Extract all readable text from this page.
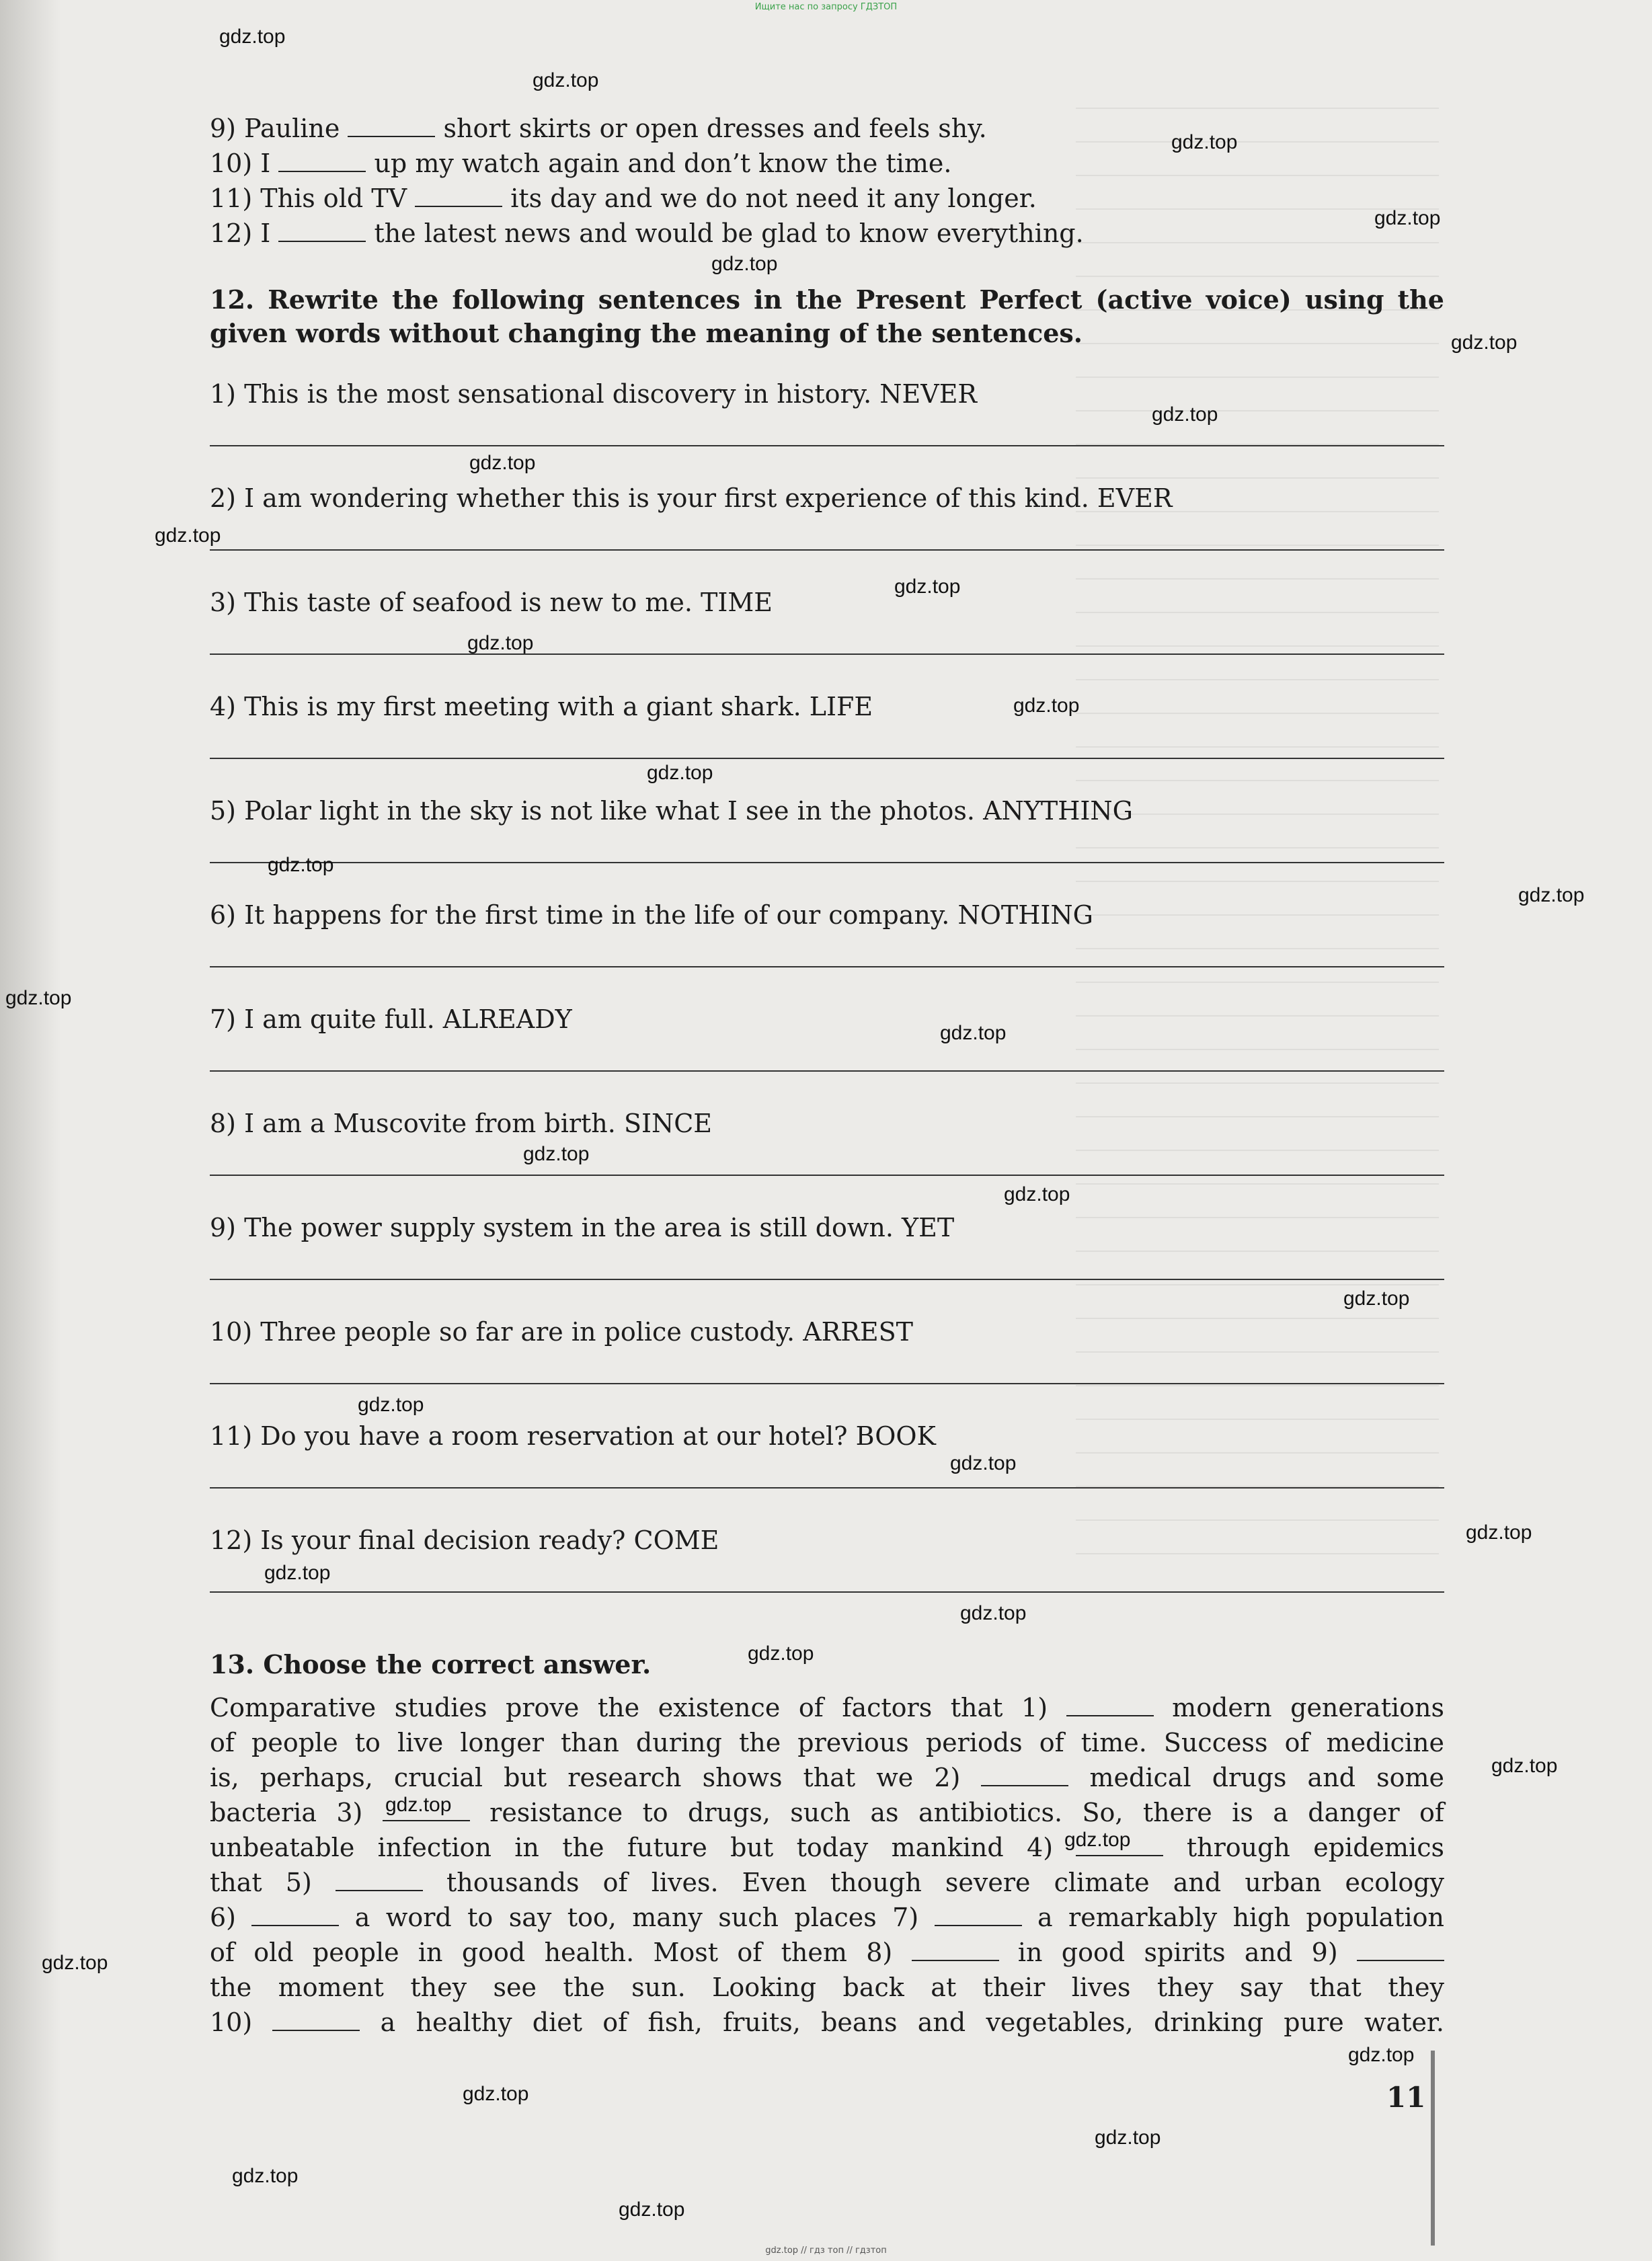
Ищите нас по запросу ГДЗТОП
9) Pauline	short skirts or open dresses and feels shy.
10) I	up my watch again and don’t know the time.
11) This old TV	its day and we do not need it any longer.
12) I	the latest news and would be glad to know everything.
12. Rewrite the following sentences in the Present Perfect (active voice) using the
given words without changing the meaning of the sentences.
1) This is the most sensational discovery in history. NEVER
2) I am wondering whether this is your first experience of this kind. EVER
3) This taste of seafood is new to me. TIME
4) This is my first meeting with a giant shark. LIFE
5) Polar light in the sky is not like what I see in the photos. ANYTHING
6) It happens for the first time in the life of our company. NOTHING
7) I am quite full. ALREADY
8) I am a Muscovite from birth. SINCE
9) The power supply system in the area is still down. YET
10) Three people so far are in police custody. ARREST
11) Do you have a room reservation at our hotel? BOOK
12) Is your final decision ready? COME
13. Choose the correct answer.
Comparative studies prove the existence of factors that 1)	modern generations
of people to live longer than during the previous periods of time. Success of medicine
is, perhaps, crucial but research shows that we 2)	medical drugs and some
bacteria 3)	resistance to drugs, such as antibiotics. So, there is a danger of
unbeatable infection in the future but today mankind 4)	through epidemics
that 5)	thousands of lives. Even though severe climate and urban ecology
6)	a word to say too, many such places 7)	a remarkably high population
of old people in good health. Most of them 8)	in good spirits and 9)
the moment they see the sun. Looking back at their lives they say that they
10)	a healthy diet of fish, fruits, beans and vegetables, drinking pure water.
11
gdz.top
gdz.top
gdz.top
gdz.top
gdz.top
gdz.top
gdz.top
gdz.top
gdz.top
gdz.top
gdz.top
gdz.top
gdz.top
gdz.top
gdz.top
gdz.top
gdz.top
gdz.top
gdz.top
gdz.top
gdz.top
gdz.top
gdz.top
gdz.top
gdz.top
gdz.top
gdz.top
gdz.top
gdz.top
gdz.top
gdz.top
gdz.top
gdz.top
gdz.top
gdz.top
gdz.top // гдз топ // гдзтоп
